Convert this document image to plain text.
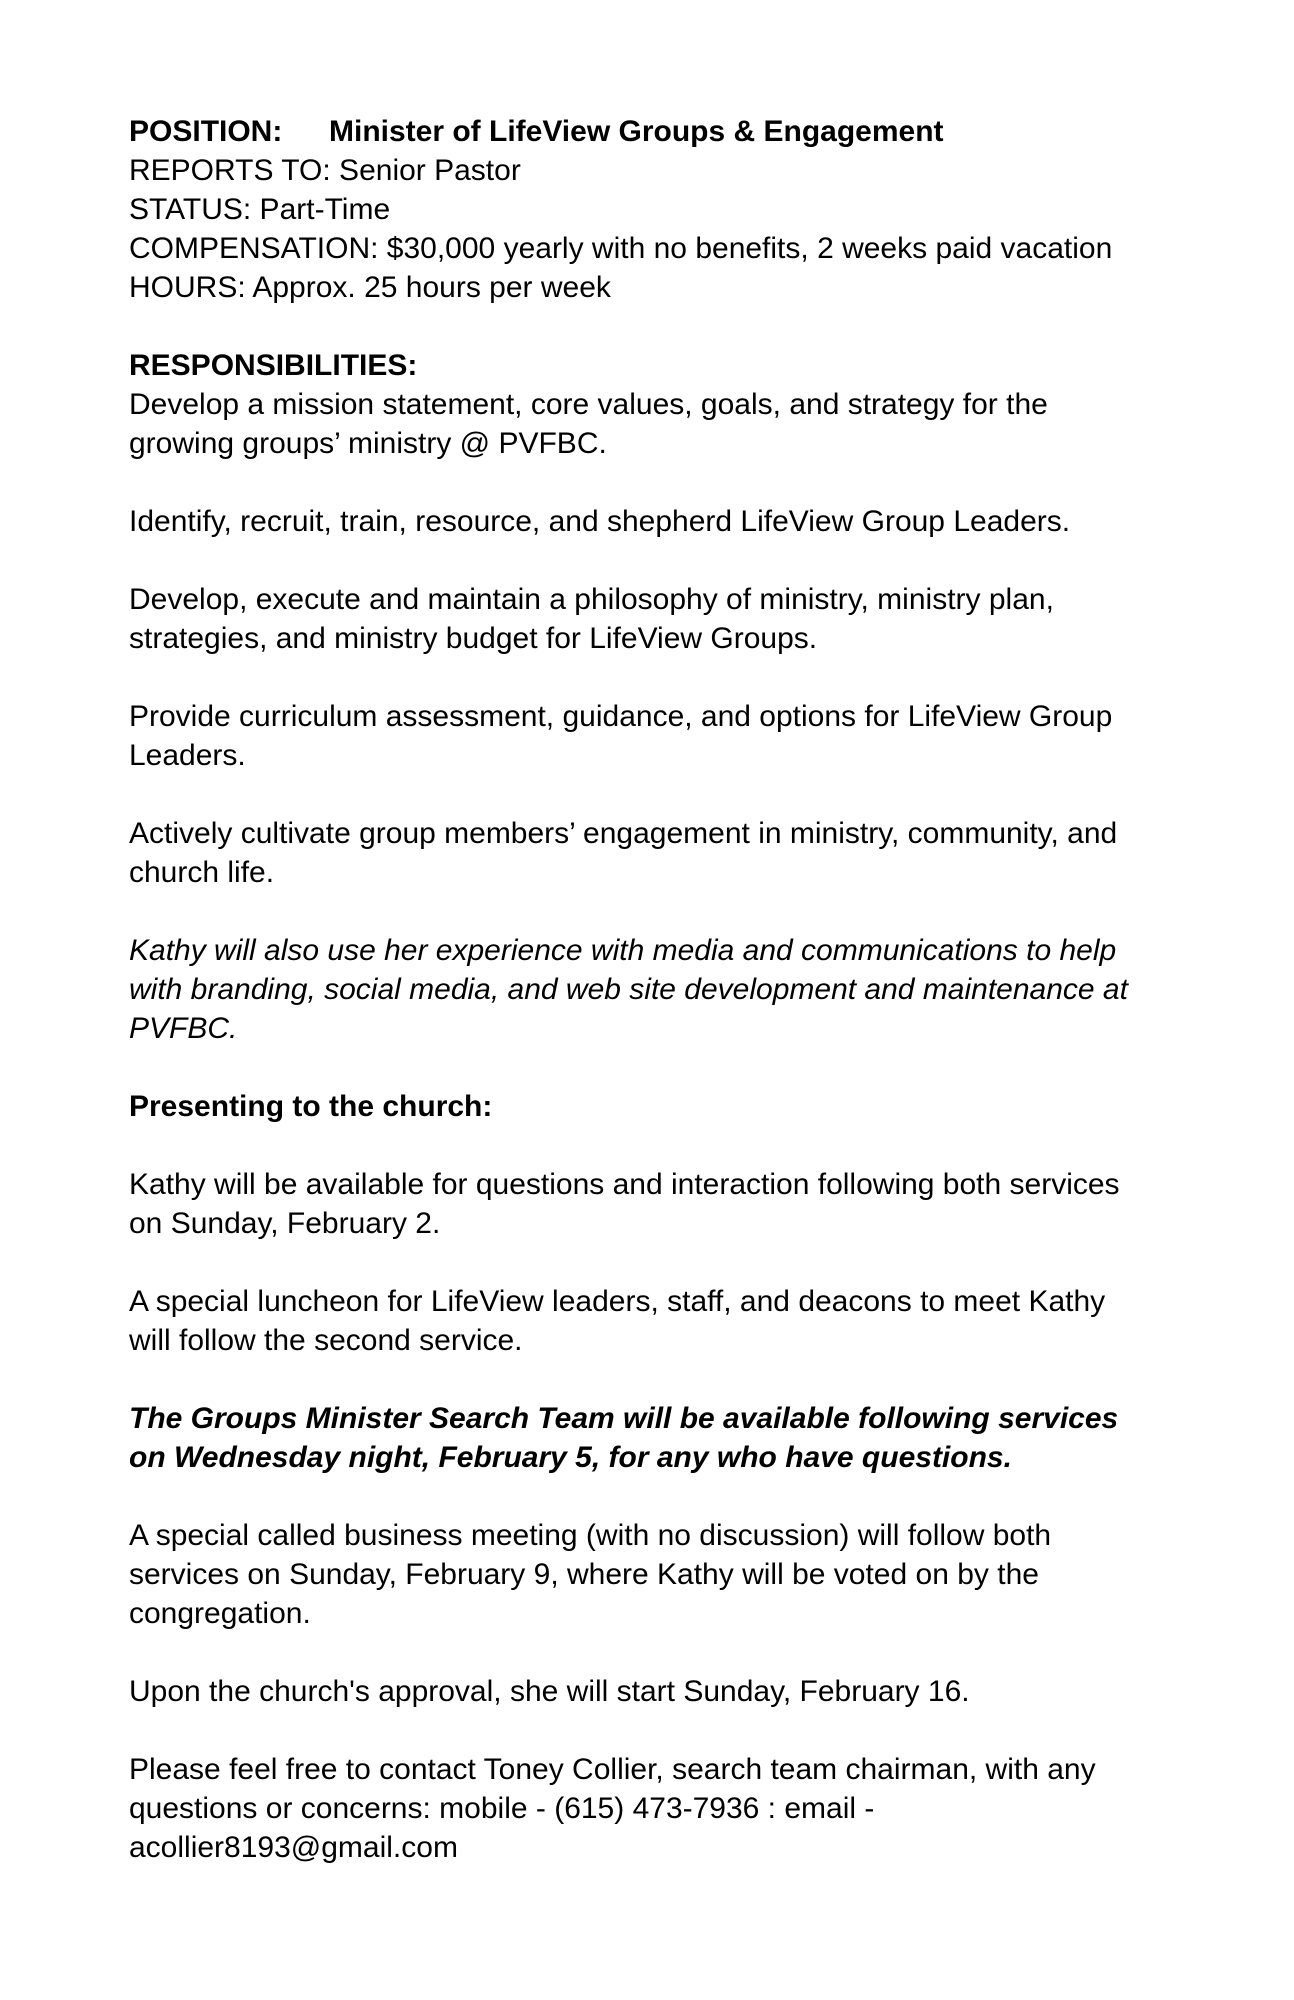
POSITION: Minister of LifeView Groups & Engagement
REPORTS TO: Senior Pastor
STATUS: Part-Time
COMPENSATION: $30,000 yearly with no benefits, 2 weeks paid vacation
HOURS: Approx. 25 hours per week
RESPONSIBILITIES:
Develop a mission statement, core values, goals, and strategy for the
growing groups’ ministry @ PVFBC.
Identify, recruit, train, resource, and shepherd LifeView Group Leaders.
Develop, execute and maintain a philosophy of ministry, ministry plan,
strategies, and ministry budget for LifeView Groups.
Provide curriculum assessment, guidance, and options for LifeView Group
Leaders.
Actively cultivate group members’ engagement in ministry, community, and
church life.
Kathy will also use her experience with media and communications to help
with branding, social media, and web site development and maintenance at
PVFBC.
Presenting to the church:
Kathy will be available for questions and interaction following both services
on Sunday, February 2.
A special luncheon for LifeView leaders, staff, and deacons to meet Kathy
will follow the second service.
The Groups Minister Search Team will be available following services
on Wednesday night, February 5, for any who have questions.
A special called business meeting (with no discussion) will follow both
services on Sunday, February 9, where Kathy will be voted on by the
congregation.
Upon the church's approval, she will start Sunday, February 16.
Please feel free to contact Toney Collier, search team chairman, with any
questions or concerns: mobile - (615) 473-7936 : email -
acollier8193@gmail.com
